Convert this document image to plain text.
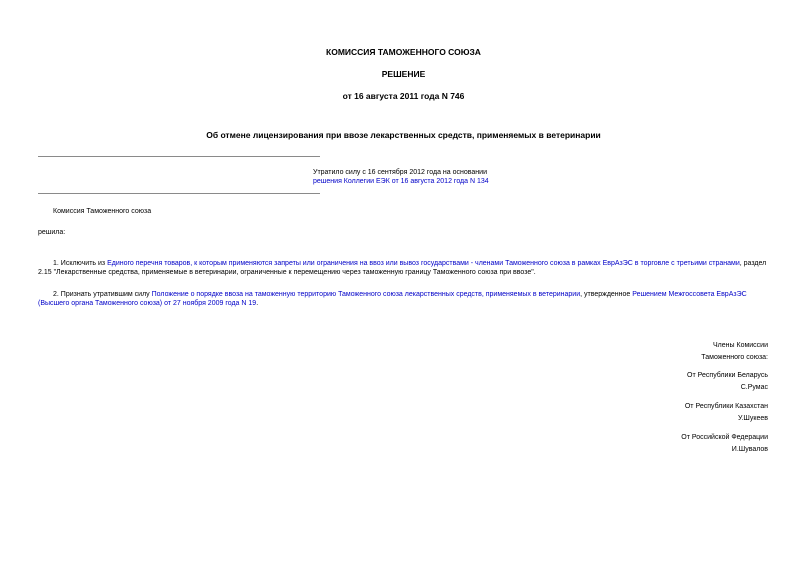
КОМИССИЯ ТАМОЖЕННОГО СОЮЗА
РЕШЕНИЕ
от 16 августа 2011 года N 746
Об отмене лицензирования при ввозе лекарственных средств, применяемых в ветеринарии
Утратило силу с 16 сентября 2012 года на основании
решения Коллегии ЕЭК от 16 августа 2012 года N 134
Комиссия Таможенного союза
решила:
1. Исключить из Единого перечня товаров, к которым применяются запреты или ограничения на ввоз или вывоз государствами - членами Таможенного союза в рамках ЕврАзЭС в торговле с третьими странами, раздел 2.15 "Лекарственные средства, применяемые в ветеринарии, ограниченные к перемещению через таможенную границу Таможенного союза при ввозе".
2. Признать утратившим силу Положение о порядке ввоза на таможенную территорию Таможенного союза лекарственных средств, применяемых в ветеринарии, утвержденное Решением Межгоссовета ЕврАзЭС (Высшего органа Таможенного союза) от 27 ноября 2009 года N 19.
Члены Комиссии
Таможенного союза:
От Республики Беларусь
С.Румас
От Республики Казахстан
У.Шукеев
От Российской Федерации
И.Шувалов
